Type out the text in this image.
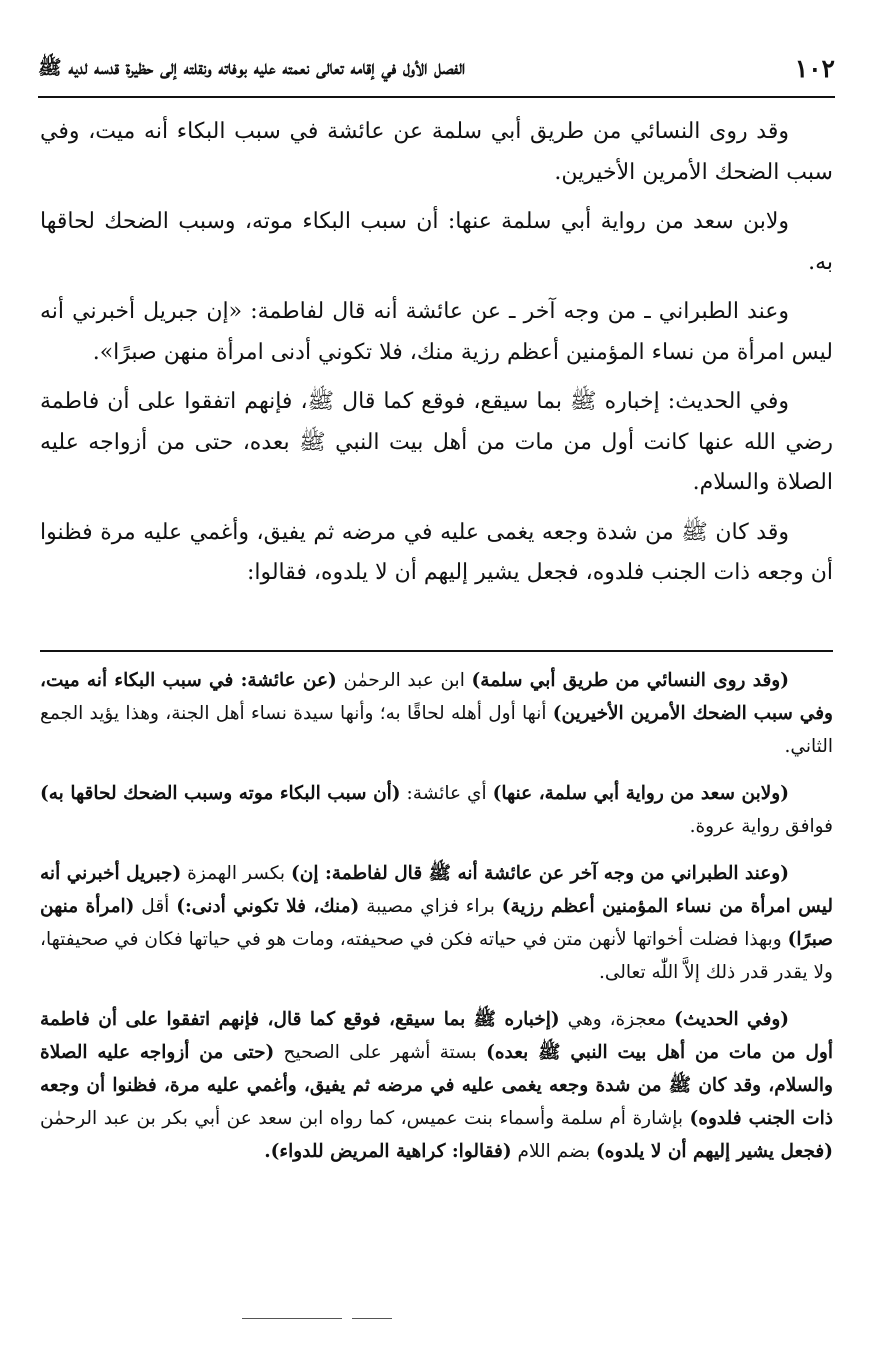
١٠٢
الفصل الأول في إقامه تعالى نعمته عليه بوفاته ونقلته إلى حظيرة قدسه لديه ﷺ

وقد روى النسائي من طريق أبي سلمة عن عائشة في سبب البكاء أنه ميت، وفي سبب الضحك الأمرين الأخيرين.

ولابن سعد من رواية أبي سلمة عنها: أن سبب البكاء موته، وسبب الضحك لحاقها به.

وعند الطبراني ـ من وجه آخر ـ عن عائشة أنه قال لفاطمة: «إن جبريل أخبرني أنه ليس امرأة من نساء المؤمنين أعظم رزية منك، فلا تكوني أدنى امرأة منهن صبرًا».

وفي الحديث: إخباره ﷺ بما سيقع، فوقع كما قال ﷺ، فإنهم اتفقوا على أن فاطمة رضي الله عنها كانت أول من مات من أهل بيت النبي ﷺ بعده، حتى من أزواجه عليه الصلاة والسلام.

وقد كان ﷺ من شدة وجعه يغمى عليه في مرضه ثم يفيق، وأغمي عليه مرة فظنوا أن وجعه ذات الجنب فلدوه، فجعل يشير إليهم أن لا يلدوه، فقالوا:

(وقد روى النسائي من طريق أبي سلمة) ابن عبد الرحمٰن (عن عائشة: في سبب البكاء أنه ميت، وفي سبب الضحك الأمرين الأخيرين) أنها أول أهله لحاقًا به؛ وأنها سيدة نساء أهل الجنة، وهذا يؤيد الجمع الثاني.

(ولابن سعد من رواية أبي سلمة، عنها) أي عائشة: (أن سبب البكاء موته وسبب الضحك لحاقها به) فوافق رواية عروة.

(وعند الطبراني من وجه آخر عن عائشة أنه ﷺ قال لفاطمة: إن) بكسر الهمزة (جبريل أخبرني أنه ليس امرأة من نساء المؤمنين أعظم رزية) براء فزاي مصيبة (منك، فلا تكوني أدنى:) أقل (امرأة منهن صبرًا) وبهذا فضلت أخواتها لأنهن متن في حياته فكن في صحيفته، ومات هو في حياتها فكان في صحيفتها، ولا يقدر قدر ذلك إلاَّ اللّٰه تعالى.

(وفي الحديث) معجزة، وهي (إخباره ﷺ بما سيقع، فوقع كما قال، فإنهم اتفقوا على أن فاطمة أول من مات من أهل بيت النبي ﷺ بعده) بستة أشهر على الصحيح (حتى من أزواجه عليه الصلاة والسلام، وقد كان ﷺ من شدة وجعه يغمى عليه في مرضه ثم يفيق، وأغمي عليه مرة، فظنوا أن وجعه ذات الجنب فلدوه) بإشارة أم سلمة وأسماء بنت عميس، كما رواه ابن سعد عن أبي بكر بن عبد الرحمٰن (فجعل يشير إليهم أن لا يلدوه) بضم اللام (فقالوا: كراهية المريض للدواء).
